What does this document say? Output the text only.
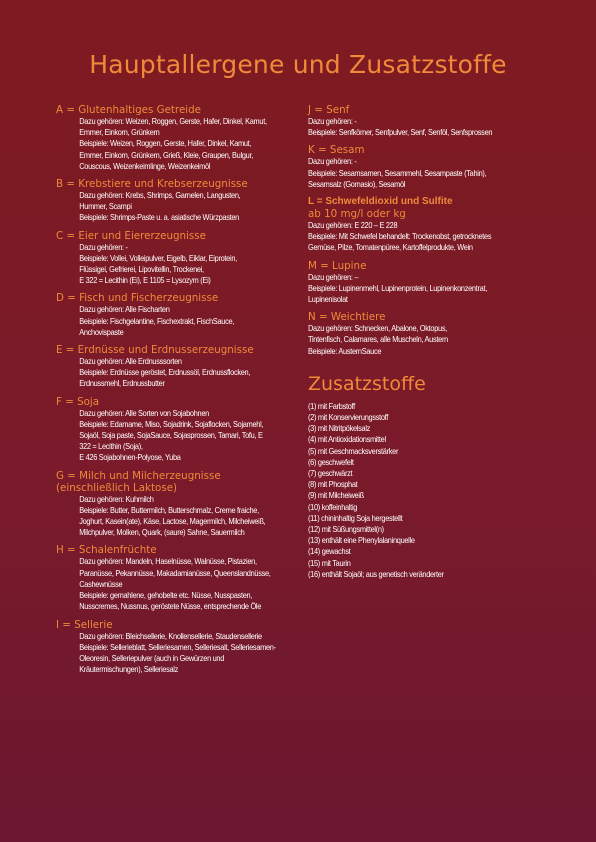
Hauptallergene und Zusatzstoffe
A = Glutenhaltiges Getreide
Dazu gehören: Weizen, Roggen, Gerste, Hafer, Dinkel, Kamut,
Emmer, Einkorn, Grünkern
Beispiele: Weizen, Roggen, Gerste, Hafer, Dinkel, Kamut,
Emmer, Einkorn, Grünkern, Grieß, Kleie, Graupen, Bulgur,
Couscous, Weizenkeimlinge, Weizenkeimöl
B = Krebstiere und Krebserzeugnisse
Dazu gehören: Krebs, Shrimps, Garnelen, Langusten,
Hummer, Scampi
Beispiele: Shrimps-Paste u. a. asiatische Würzpasten
C = Eier und Eiererzeugnisse
Dazu gehören: -
Beispiele: Vollei, Volleipulver, Eigelb, Eiklar, Eiprotein,
Flüssigei, Gefrierei, Lipovitellin, Trockenei,
E 322 = Lecithin (Ei), E 1105 = Lysozym (Ei)
D = Fisch und Fischerzeugnisse
Dazu gehören: Alle Fischarten
Beispiele: Fischgelantine, Fischextrakt, FischSauce,
Anchovispaste
E = Erdnüsse und Erdnusserzeugnisse
Dazu gehören: Alle Erdnusssorten
Beispiele: Erdnüsse geröstet, Erdnussöl, Erdnussflocken,
Erdnussmehl, Erdnussbutter
F = Soja
Dazu gehören: Alle Sorten von Sojabohnen
Beispiele: Edamame, Miso, Sojadrink, Sojaflocken, Sojamehl,
Sojaöl, Soja paste, SojaSauce, Sojasprossen, Tamari, Tofu, E
322 = Lecithin (Soja),
E 426 Sojabohnen-Polyose, Yuba
G = Milch und Milcherzeugnisse
(einschließlich Laktose)
Dazu gehören: Kuhmilch
Beispiele: Butter, Buttermilch, Butterschmalz, Creme fraiche,
Joghurt, Kasein(ate), Käse, Lactose, Magermilch, Milcheiweiß,
Milchpulver, Molken, Quark, (saure) Sahne, Sauermilch
H = Schalenfrüchte
Dazu gehören: Mandeln, Haselnüsse, Walnüsse, Pistazien,
Paranüsse, Pekannüsse, Makadamianüsse, Queenslandnüsse,
Cashewnüsse
Beispiele: gemahlene, gehobelte etc. Nüsse, Nusspasten,
Nusscremes, Nussnus, geröstete Nüsse, entsprechende Öle
I = Sellerie
Dazu gehören: Bleichsellerie, Knollensellerie, Staudensellerie
Beispiele: Sellerieblatt, Selleriesamen, Selleriesalt, Selleriesamen-
Oleoresin, Selleriepulver (auch in Gewürzen und
Kräutermischungen), Selleriesalz
J = Senf
Dazu gehören: -
Beispiele: Senfkörner, Senfpulver, Senf, Senföl, Senfsprossen
K = Sesam
Dazu gehören: -
Beispiele: Sesamsamen, Sesammehl, Sesampaste (Tahin),
Sesamsalz (Gomasio), Sesamöl
L = Schwefeldioxid und Sulfite
ab 10 mg/l oder kg
Dazu gehören: E 220 – E 228
Beispiele: Mit Schwefel behandelt: Trockenobst, getrocknetes
Gemüse, Pilze, Tomatenpüree, Kartoffelprodukte, Wein
M = Lupine
Dazu gehören: –
Beispiele: Lupinenmehl, Lupinenprotein, Lupinenkonzentrat,
Lupinenisolat
N = Weichtiere
Dazu gehören: Schnecken, Abalone, Oktopus,
Tintenfisch, Calamares, alle Muscheln, Austern
Beispiele: AusternSauce
Zusatzstoffe
(1) mit Farbstoff
(2) mit Konservierungsstoff
(3) mit Nitritpökelsalz
(4) mit Antioxidationsmittel
(5) mit Geschmacksverstärker
(6) geschwefelt
(7) geschwärzt
(8) mit Phosphat
(9) mit Milcheiweiß
(10) koffeinhaltig
(11) chininhaltig Soja hergestellt
(12) mit Süßungsmittel(n)
(13) enthält eine Phenylalaninquelle
(14) gewachst
(15) mit Taurin
(16) enthält Sojaöl; aus genetisch veränderter
